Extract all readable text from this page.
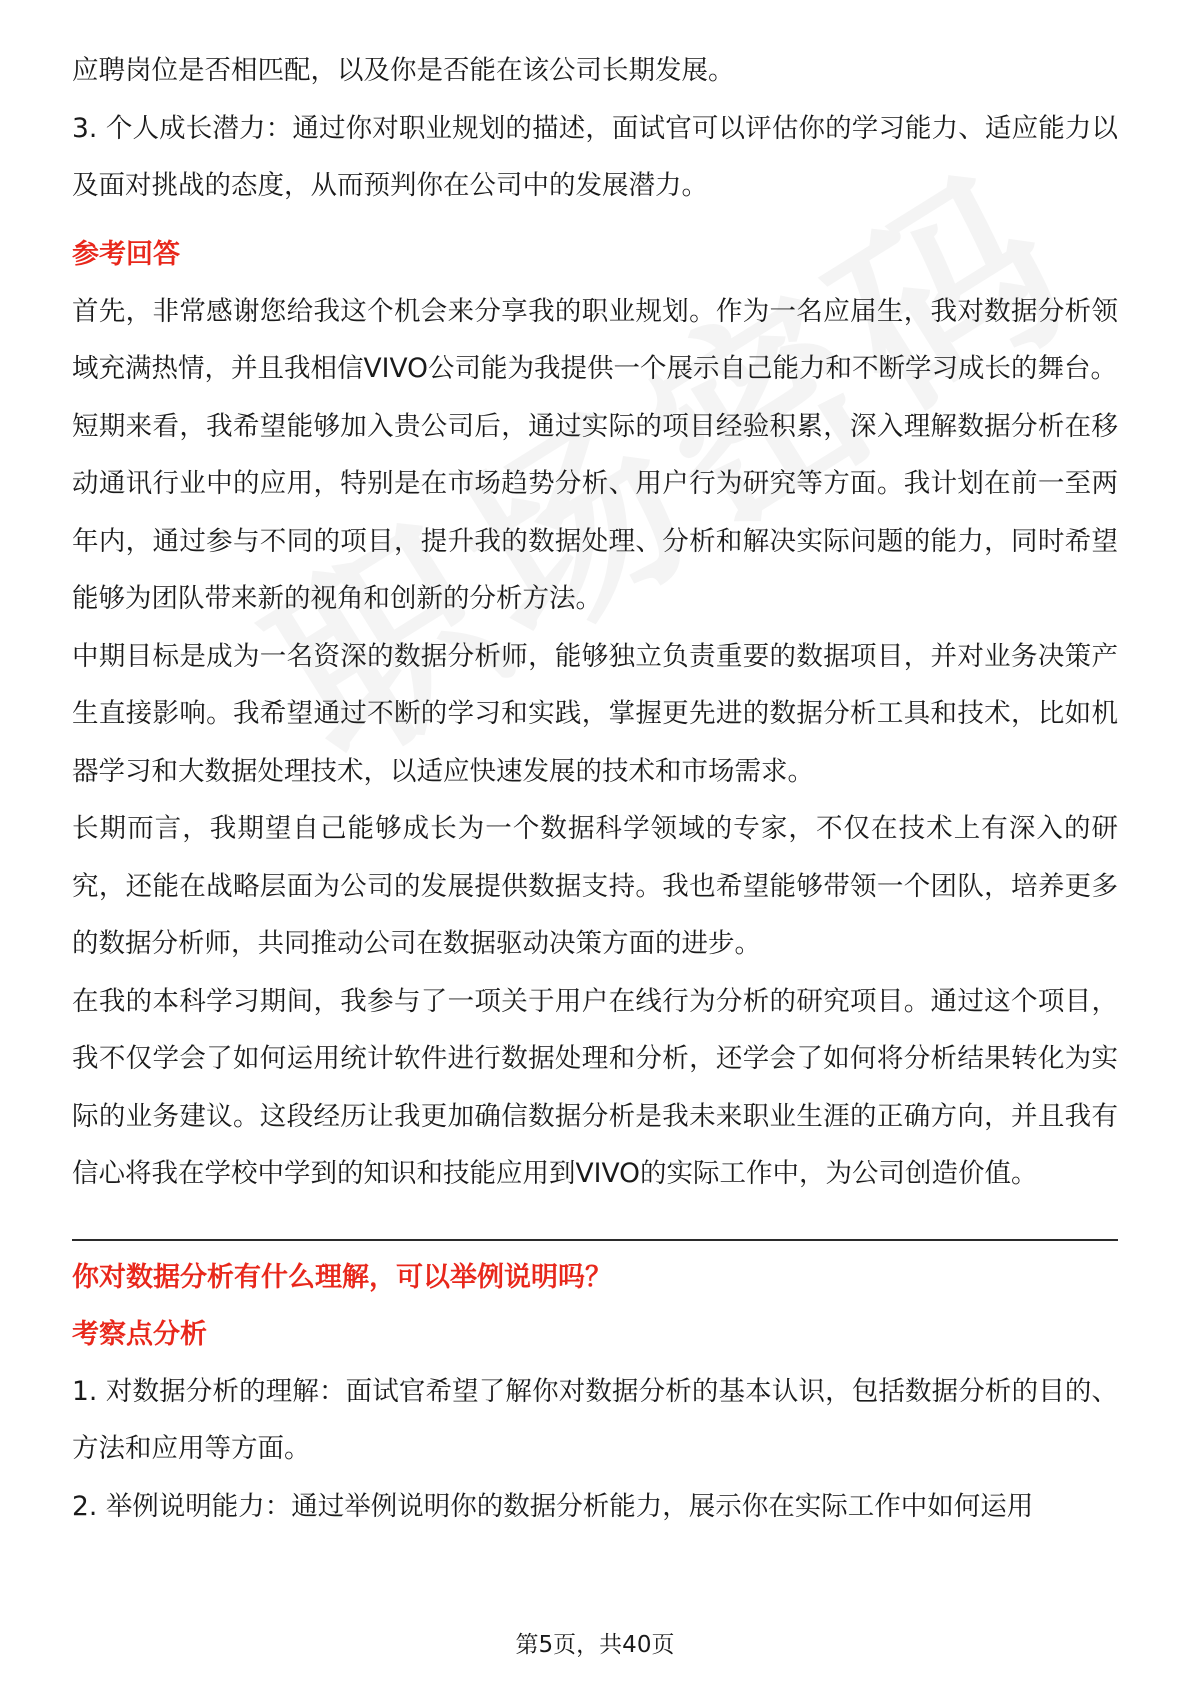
应聘岗位是否相匹配，以及你是否能在该公司长期发展。

3. 个人成长潜力：通过你对职业规划的描述，面试官可以评估你的学习能力、适应能力以及面对挑战的态度，从而预判你在公司中的发展潜力。

参考回答

首先，非常感谢您给我这个机会来分享我的职业规划。作为一名应届生，我对数据分析领域充满热情，并且我相信VIVO公司能为我提供一个展示自己能力和不断学习成长的舞台。

短期来看，我希望能够加入贵公司后，通过实际的项目经验积累，深入理解数据分析在移动通讯行业中的应用，特别是在市场趋势分析、用户行为研究等方面。我计划在前一至两年内，通过参与不同的项目，提升我的数据处理、分析和解决实际问题的能力，同时希望能够为团队带来新的视角和创新的分析方法。

中期目标是成为一名资深的数据分析师，能够独立负责重要的数据项目，并对业务决策产生直接影响。我希望通过不断的学习和实践，掌握更先进的数据分析工具和技术，比如机器学习和大数据处理技术，以适应快速发展的技术和市场需求。

长期而言，我期望自己能够成长为一个数据科学领域的专家，不仅在技术上有深入的研究，还能在战略层面为公司的发展提供数据支持。我也希望能够带领一个团队，培养更多的数据分析师，共同推动公司在数据驱动决策方面的进步。

在我的本科学习期间，我参与了一项关于用户在线行为分析的研究项目。通过这个项目，我不仅学会了如何运用统计软件进行数据处理和分析，还学会了如何将分析结果转化为实际的业务建议。这段经历让我更加确信数据分析是我未来职业生涯的正确方向，并且我有信心将我在学校中学到的知识和技能应用到VIVO的实际工作中，为公司创造价值。

你对数据分析有什么理解，可以举例说明吗？
考察点分析

1. 对数据分析的理解：面试官希望了解你对数据分析的基本认识，包括数据分析的目的、方法和应用等方面。

2. 举例说明能力：通过举例说明你的数据分析能力，展示你在实际工作中如何运用

第5页，共40页
